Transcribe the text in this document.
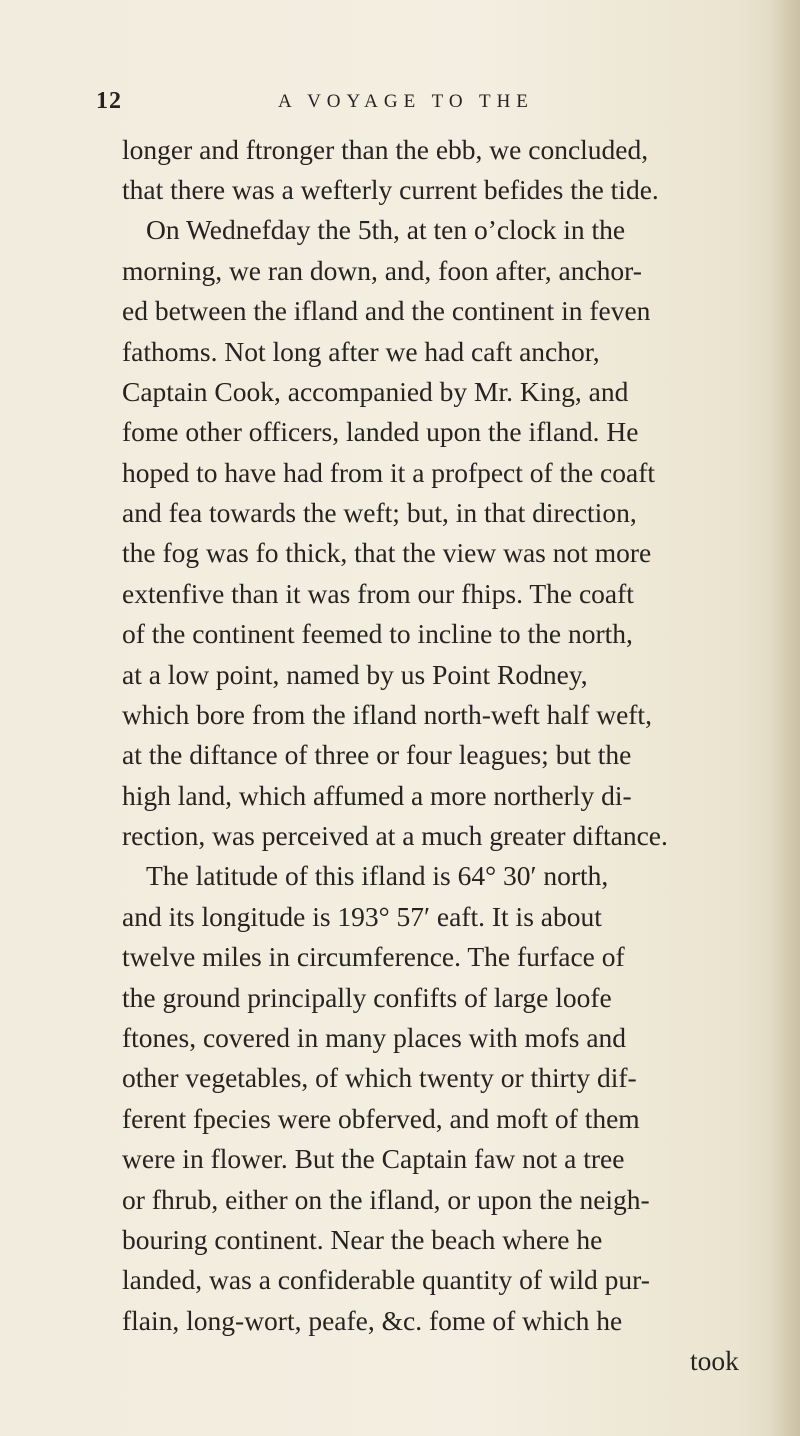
12	A VOYAGE TO THE
longer and ftronger than the ebb, we concluded,
that there was a wefterly current befides the tide.
On Wednefday the 5th, at ten o’clock in the
morning, we ran down, and, foon after, anchor-
ed between the ifland and the continent in feven
fathoms. Not long after we had caft anchor,
Captain Cook, accompanied by Mr. King, and
fome other officers, landed upon the ifland. He
hoped to have had from it a profpect of the coaft
and fea towards the weft; but, in that direction,
the fog was fo thick, that the view was not more
extenfive than it was from our fhips. The coaft
of the continent feemed to incline to the north,
at a low point, named by us Point Rodney,
which bore from the ifland north-weft half weft,
at the diftance of three or four leagues; but the
high land, which affumed a more northerly di-
rection, was perceived at a much greater diftance.
The latitude of this ifland is 64° 30′ north,
and its longitude is 193° 57′ eaft. It is about
twelve miles in circumference. The furface of
the ground principally confifts of large loofe
ftones, covered in many places with mofs and
other vegetables, of which twenty or thirty dif-
ferent fpecies were obferved, and moft of them
were in flower. But the Captain faw not a tree
or fhrub, either on the ifland, or upon the neigh-
bouring continent. Near the beach where he
landed, was a confiderable quantity of wild pur-
flain, long-wort, peafe, &c. fome of which he
took
